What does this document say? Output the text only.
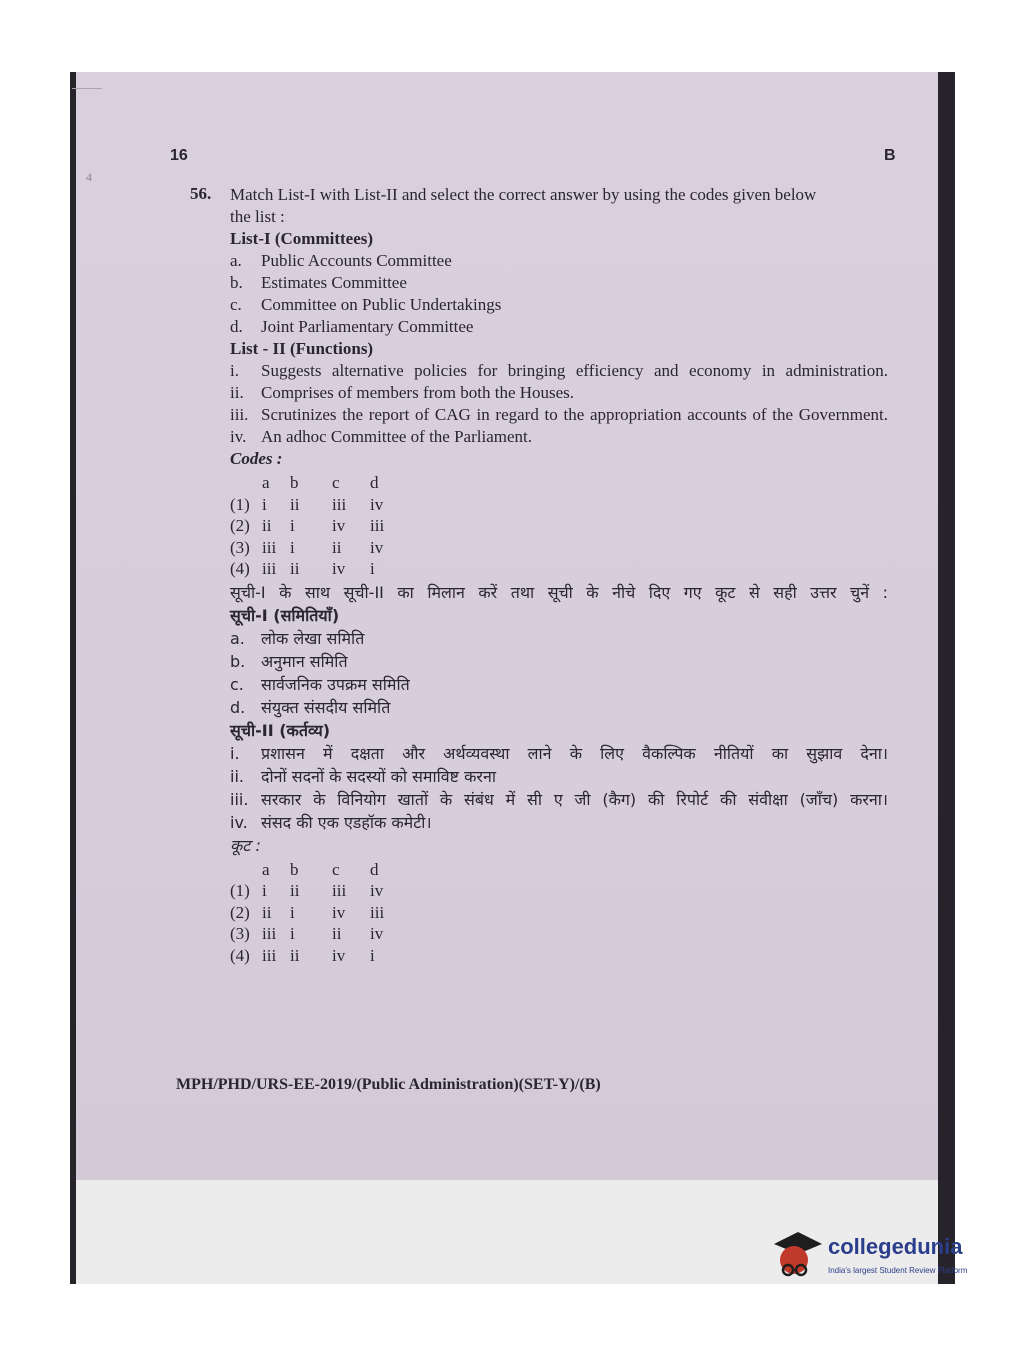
4
16	B
56. Match List-I with List-II and select the correct answer by using the codes given below
the list :
List-I (Committees)
a.	Public Accounts Committee
b.	Estimates Committee
c.	Committee on Public Undertakings
d.	Joint Parliamentary Committee
List - II (Functions)
i.	Suggests alternative policies for bringing efficiency and economy in administration.
ii.	Comprises of members from both the Houses.
iii. Scrutinizes the report of CAG in regard to the appropriation accounts of the Government.
iv. An adhoc Committee of the Parliament.
Codes :
a	b	c	d
(1) i	ii	iii	iv
(2) ii	i	iv	iii
(3) iii i	ii	iv
(4) iii ii	iv	i
सूची-I के साथ सूची-II का मिलान करें तथा सूची के नीचे दिए गए कूट से सही उत्तर चुनें :
सूची-I (समितियाँ)
a.	लोक लेखा समिति
b. अनुमान समिति
c.	सार्वजनिक उपक्रम समिति
d. संयुक्त संसदीय समिति
सूची-II (कर्तव्य)
i.	प्रशासन में दक्षता और अर्थव्यवस्था लाने के लिए वैकल्पिक नीतियों का सुझाव देना।
ii.	दोनों सदनों के सदस्यों को समाविष्ट करना
iii. सरकार के विनियोग खातों के संबंध में सी ए जी (कैग) की रिपोर्ट की संवीक्षा (जाँच) करना।
iv. संसद की एक एडहॉक कमेटी।
कूट :
a	b	c	d
(1) i	ii	iii	iv
(2) ii	i	iv	iii
(3) iii i	ii	iv
(4) iii ii	iv	i
MPH/PHD/URS-EE-2019/(Public Administration)(SET-Y)/(B)
collegedunia
India's largest Student Review Platform
